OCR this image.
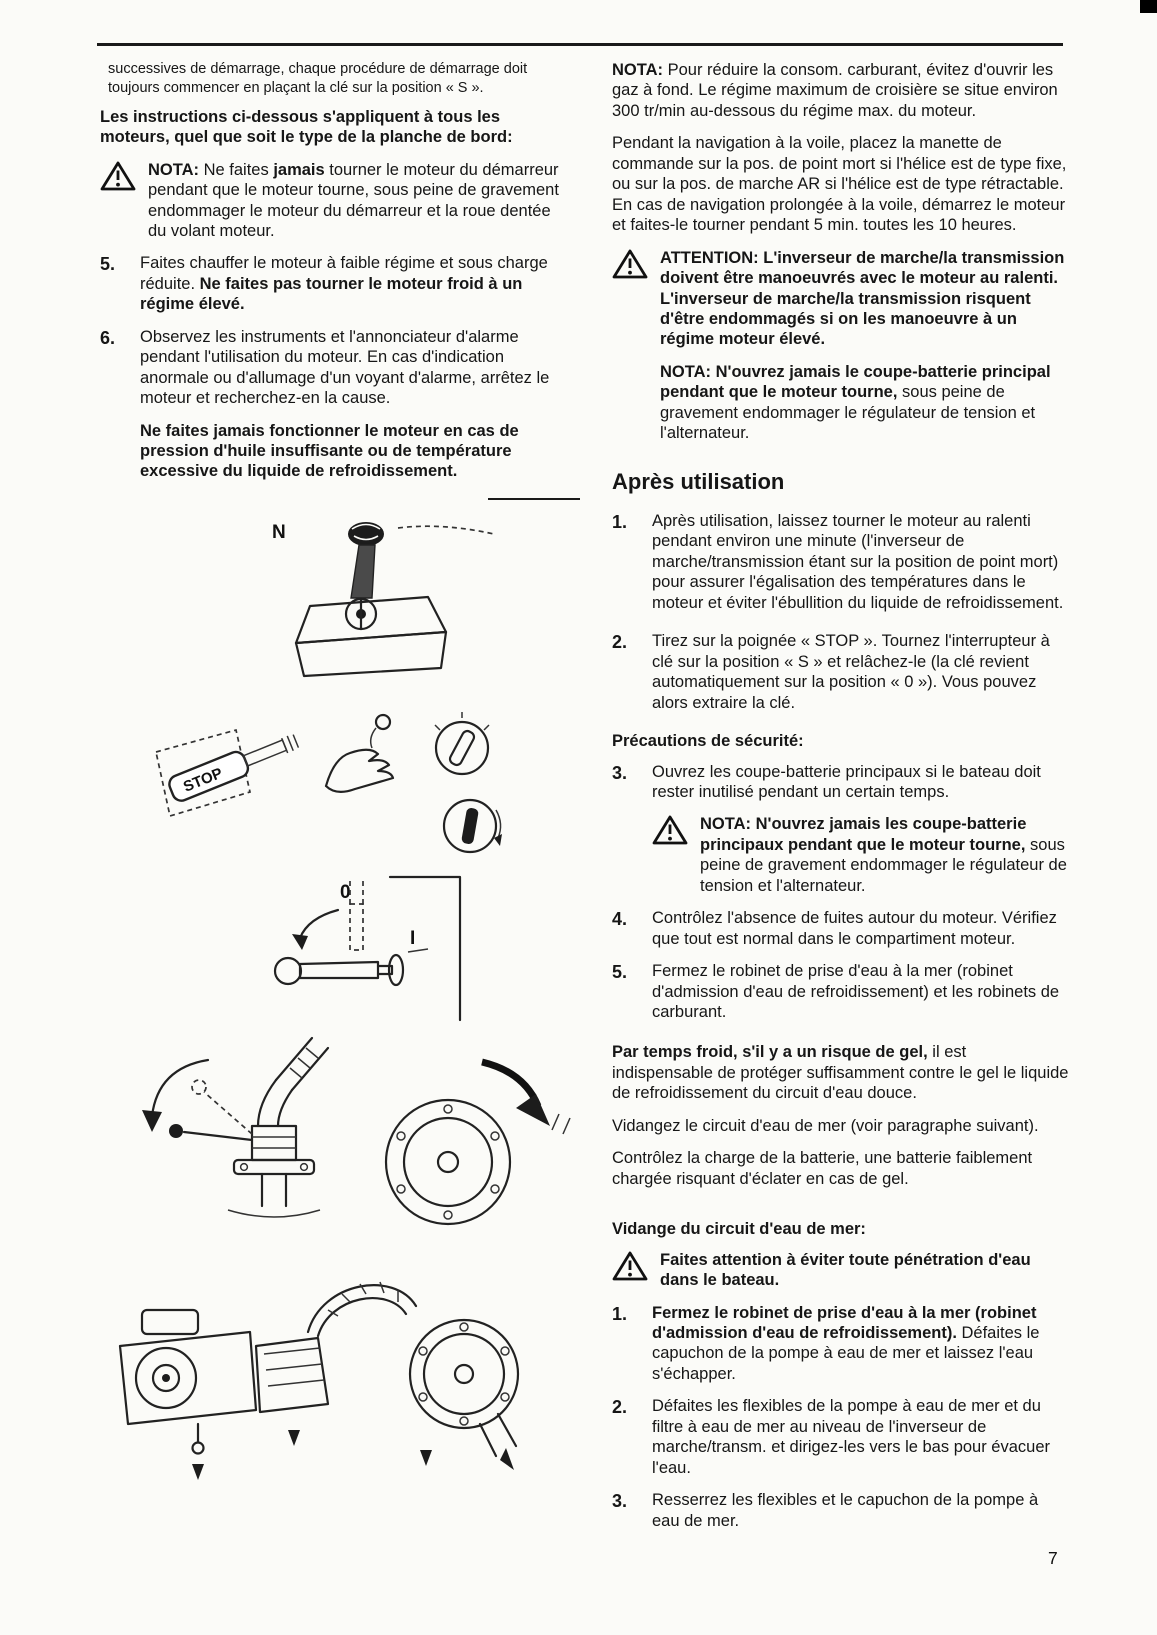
successives de démarrage, chaque procédure de démarrage doit toujours commencer en plaçant la clé sur la position « S ».

Les instructions ci-dessous s'appliquent à tous les moteurs, quel que soit le type de la planche de bord:

NOTA: Ne faites jamais tourner le moteur du démarreur pendant que le moteur tourne, sous peine de gravement endommager le moteur du démarreur et la roue dentée du volant moteur.

5.	Faites chauffer le moteur à faible régime et sous charge réduite. Ne faites pas tourner le moteur froid à un régime élevé.

6.	Observez les instruments et l'annonciateur d'alarme pendant l'utilisation du moteur. En cas d'indication anormale ou d'allumage d'un voyant d'alarme, arrêtez le moteur et recherchez-en la cause.

Ne faites jamais fonctionner le moteur en cas de pression d'huile insuffisante ou de température excessive du liquide de refroidissement.

N
STOP
0
I

NOTA: Pour réduire la consom. carburant, évitez d'ouvrir les gaz à fond. Le régime maximum de croisière se situe environ 300 tr/min au-dessous du régime max. du moteur.

Pendant la navigation à la voile, placez la manette de commande sur la pos. de point mort si l'hélice est de type fixe, ou sur la pos. de marche AR si l'hélice est de type rétractable. En cas de navigation prolongée à la voile, démarrez le moteur et faites-le tourner pendant 5 min. toutes les 10 heures.

ATTENTION: L'inverseur de marche/la transmission doivent être manoeuvrés avec le moteur au ralenti. L'inverseur de marche/la transmission risquent d'être endommagés si on les manoeuvre à un régime moteur élevé.

NOTA: N'ouvrez jamais le coupe-batterie principal pendant que le moteur tourne, sous peine de gravement endommager le régulateur de tension et l'alternateur.

Après utilisation
1.	Après utilisation, laissez tourner le moteur au ralenti pendant environ une minute (l'inverseur de marche/transmission étant sur la position de point mort) pour assurer l'égalisation des températures dans le moteur et éviter l'ébullition du liquide de refroidissement.

2.	Tirez sur la poignée « STOP ». Tournez l'interrupteur à clé sur la position « S » et relâchez-le (la clé revient automatiquement sur la position « 0 »). Vous pouvez alors extraire la clé.

Précautions de sécurité:

3.	Ouvrez les coupe-batterie principaux si le bateau doit rester inutilisé pendant un certain temps.

NOTA: N'ouvrez jamais les coupe-batterie principaux pendant que le moteur tourne, sous peine de gravement endommager le régulateur de tension et l'alternateur.

4.	Contrôlez l'absence de fuites autour du moteur. Vérifiez que tout est normal dans le compartiment moteur.

5.	Fermez le robinet de prise d'eau à la mer (robinet d'admission d'eau de refroidissement) et les robinets de carburant.

Par temps froid, s'il y a un risque de gel, il est indispensable de protéger suffisamment contre le gel le liquide de refroidissement du circuit d'eau douce.

Vidangez le circuit d'eau de mer (voir paragraphe suivant).

Contrôlez la charge de la batterie, une batterie faiblement chargée risquant d'éclater en cas de gel.

Vidange du circuit d'eau de mer:

Faites attention à éviter toute pénétration d'eau dans le bateau.

1.	Fermez le robinet de prise d'eau à la mer (robinet d'admission d'eau de refroidissement). Défaites le capuchon de la pompe à eau de mer et laissez l'eau s'échapper.

2.	Défaites les flexibles de la pompe à eau de mer et du filtre à eau de mer au niveau de l'inverseur de marche/transm. et dirigez-les vers le bas pour évacuer l'eau.

3.	Resserrez les flexibles et le capuchon de la pompe à eau de mer.

7
